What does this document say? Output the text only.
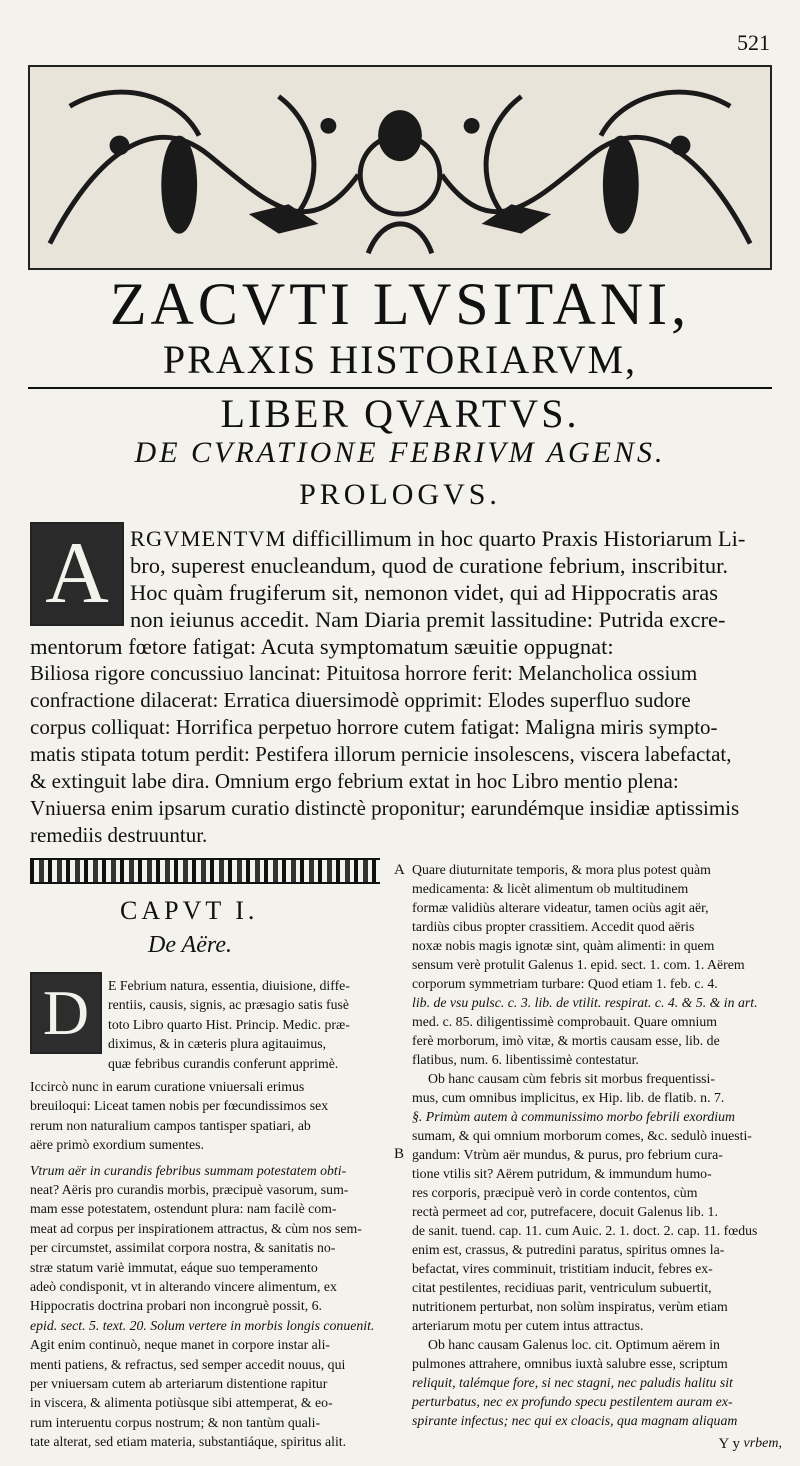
521
ZACVTI LVSITANI,
PRAXIS HISTORIARVM,
LIBER QVARTVS.
DE CVRATIONE FEBRIVM AGENS.
PROLOGVS.
A RGVMENTVM difficillimum in hoc quarto Praxis Historiarum Li-
bro, superest enucleandum, quod de curatione febrium, inscribitur.
Hoc quàm frugiferum sit, nemonon videt, qui ad Hippocratis aras
non ieiunus accedit. Nam Diaria premit lassitudine: Putrida excre-
mentorum fœtore fatigat: Acuta symptomatum sæuitie oppugnat:
Biliosa rigore concussiuo lancinat: Pituitosa horrore ferit: Melancholica ossium
confractione dilacerat: Erratica diuersimodè opprimit: Elodes superfluo sudore
corpus colliquat: Horrifica perpetuo horrore cutem fatigat: Maligna miris sympto-
matis stipata totum perdit: Pestifera illorum pernicie insolescens, viscera labefactat,
& extinguit labe dira. Omnium ergo febrium extat in hoc Libro mentio plena:
Vniuersa enim ipsarum curatio distinctè proponitur; earundémque insidiæ aptissimis
remediis destruuntur.
CAPVT I.
De Aëre.
D E Febrium natura, essentia, diuisione, diffe-
rentiis, causis, signis, ac præsagio satis fusè
toto Libro quarto Hist. Princip. Medic. præ-
diximus, & in cæteris plura agitauimus,
quæ febribus curandis conferunt apprimè.
Iccircò nunc in earum curatione vniuersali erimus
breuiloqui: Liceat tamen nobis per fœcundissimos sex
rerum non naturalium campos tantisper spatiari, ab
aëre primò exordium sumentes.
Vtrum aër in curandis febribus summam potestatem obti-
neat? Aëris pro curandis morbis, præcipuè vasorum, sum-
mam esse potestatem, ostendunt plura: nam facilè com-
meat ad corpus per inspirationem attractus, & cùm nos sem-
per circumstet, assimilat corpora nostra, & sanitatis no-
stræ statum variè immutat, eáque suo temperamento
adeò condisponit, vt in alterando vincere alimentum, ex
Hippocratis doctrina probari non incongruè possit, 6.
epid. sect. 5. text. 20. Solum vertere in morbis longis conuenit.
Agit enim continuò, neque manet in corpore instar ali-
menti patiens, & refractus, sed semper accedit nouus, qui
per vniuersam cutem ab arteriarum distentione rapitur
in viscera, & alimenta potiùsque sibi attemperat, & eo-
rum interuentu corpus nostrum; & non tantùm quali-
tate alterat, sed etiam materia, substantiáque, spiritus alit.
Quare diuturnitate temporis, & mora plus potest quàm
medicamenta: & licèt alimentum ob multitudinem
formæ validiùs alterare videatur, tamen ociùs agit aër,
tardiùs cibus propter crassitiem. Accedit quod aëris
noxæ nobis magis ignotæ sint, quàm alimenti: in quem
sensum verè protulit Galenus 1. epid. sect. 1. com. 1. Aërem
corporum symmetriam turbare: Quod etiam 1. feb. c. 4.
lib. de vsu pulsc. c. 3. lib. de vtilit. respirat. c. 4. & 5. & in art.
med. c. 85. diligentissimè comprobauit. Quare omnium
ferè morborum, imò vitæ, & mortis causam esse, lib. de
flatibus, num. 6. libentissimè contestatur.
Ob hanc causam cùm febris sit morbus frequentissi-
mus, cum omnibus implicitus, ex Hip. lib. de flatib. n. 7.
§. Primùm autem à communissimo morbo febrili exordium
sumam, & qui omnium morborum comes, &c. sedulò inuesti-
gandum: Vtrùm aër mundus, & purus, pro febrium cura-
tione vtilis sit? Aërem putridum, & immundum humo-
res corporis, præcipuè verò in corde contentos, cùm
rectà permeet ad cor, putrefacere, docuit Galenus lib. 1.
de sanit. tuend. cap. 11. cum Auic. 2. 1. doct. 2. cap. 11. fœdus
enim est, crassus, & putredini paratus, spiritus omnes la-
befactat, vires comminuit, tristitiam inducit, febres ex-
citat pestilentes, recidiuas parit, ventriculum subuertit,
nutritionem perturbat, non solùm inspiratus, verùm etiam
arteriarum motu per cutem intus attractus.
Ob hanc causam Galenus loc. cit. Optimum aërem in
pulmones attrahere, omnibus iuxtà salubre esse, scriptum
reliquit, talémque fore, si nec stagni, nec paludis halitu sit
perturbatus, nec ex profundo specu pestilentem auram ex-
spirante infectus; nec qui ex cloacis, qua magnam aliquam
A
B
Y y vrbem,
